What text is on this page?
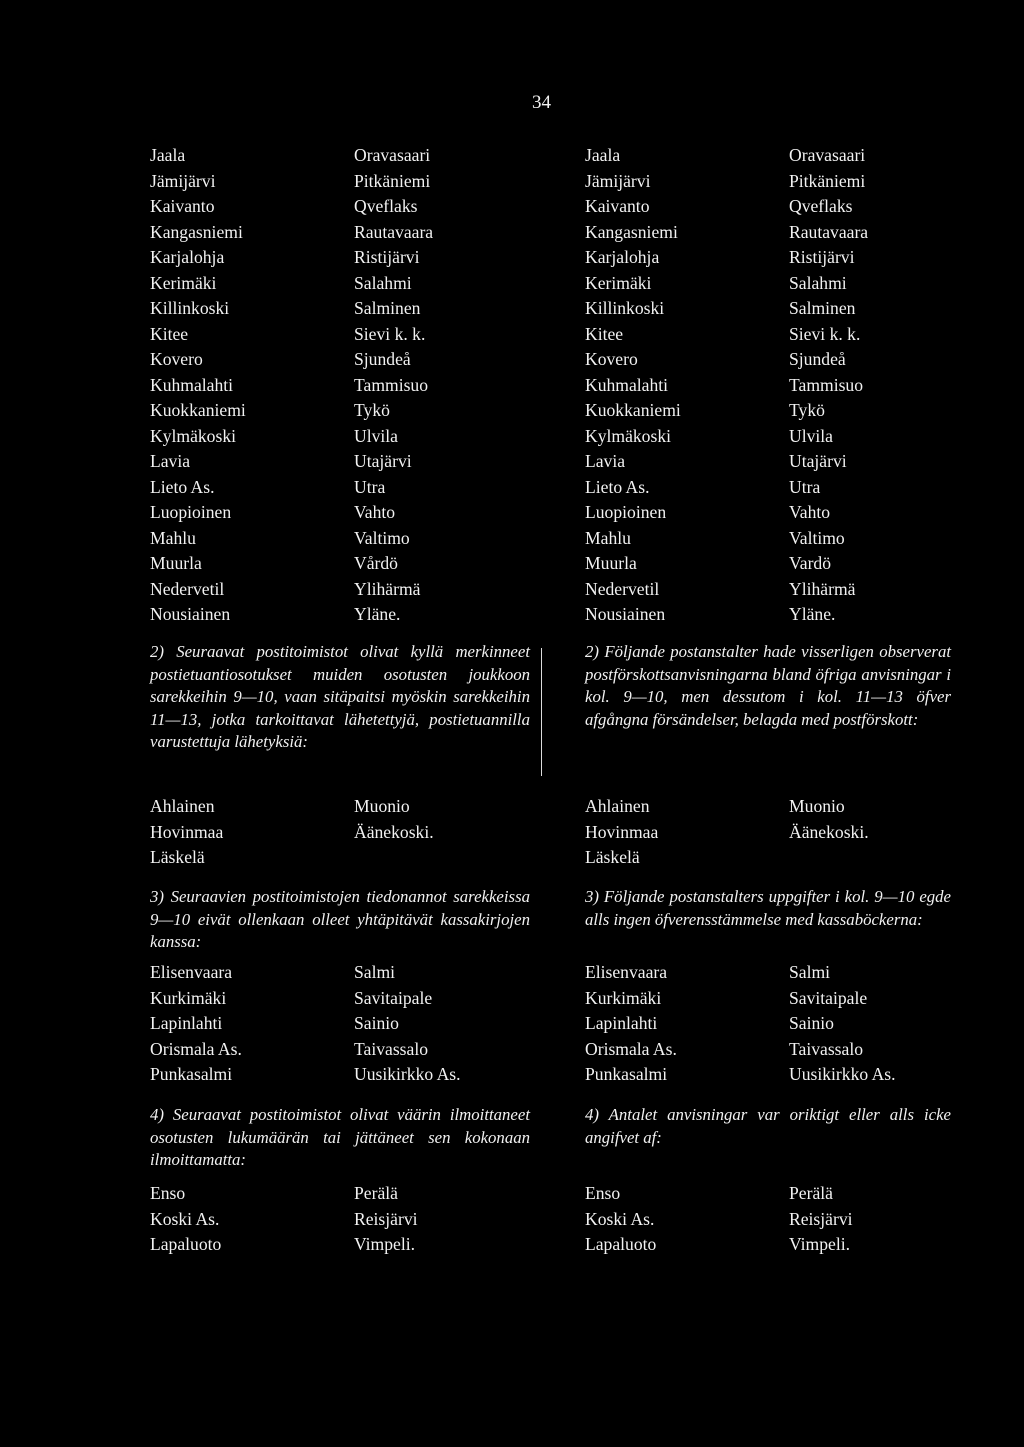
34
Jaala	Oravasaari
Jämijärvi	Pitkäniemi
Kaivanto	Qveflaks
Kangasniemi	Rautavaara
Karjalohja	Ristijärvi
Kerimäki	Salahmi
Killinkoski	Salminen
Kitee	Sievi k. k.
Kovero	Sjundeå
Kuhmalahti	Tammisuo
Kuokkaniemi	Tykö
Kylmäkoski	Ulvila
Lavia	Utajärvi
Lieto As.	Utra
Luopioinen	Vahto
Mahlu	Valtimo
Muurla	Vårdö
Nedervetil	Ylihärmä
Nousiainen	Yläne.
2) Seuraavat postitoimistot olivat kyllä merkinneet postietuantiosotukset muiden osotusten joukkoon sarekkeihin 9—10, vaan sitäpaitsi myöskin sarekkeihin 11—13, jotka tarkoittavat lähetettyjä, postietuannilla varustettuja lähetyksiä:
Ahlainen	Muonio
Hovinmaa	Äänekoski.
Läskelä
3) Seuraavien postitoimistojen tiedonannot sarekkeissa 9—10 eivät ollenkaan olleet yhtäpitävät kassakirjojen kanssa:
Elisenvaara	Salmi
Kurkimäki	Savitaipale
Lapinlahti	Sainio
Orismala As.	Taivassalo
Punkasalmi	Uusikirkko As.
4) Seuraavat postitoimistot olivat väärin ilmoittaneet osotusten lukumäärän tai jättäneet sen kokonaan ilmoittamatta:
Enso	Perälä
Koski As.	Reisjärvi
Lapaluoto	Vimpeli.
Jaala	Oravasaari
Jämijärvi	Pitkäniemi
Kaivanto	Qveflaks
Kangasniemi	Rautavaara
Karjalohja	Ristijärvi
Kerimäki	Salahmi
Killinkoski	Salminen
Kitee	Sievi k. k.
Kovero	Sjundeå
Kuhmalahti	Tammisuo
Kuokkaniemi	Tykö
Kylmäkoski	Ulvila
Lavia	Utajärvi
Lieto As.	Utra
Luopioinen	Vahto
Mahlu	Valtimo
Muurla	Vardö
Nedervetil	Ylihärmä
Nousiainen	Yläne.
2) Följande postanstalter hade visserligen observerat postförskottsanvisningarna bland öfriga anvisningar i kol. 9—10, men dessutom i kol. 11—13 öfver afgångna försändelser, belagda med postförskott:
Ahlainen	Muonio
Hovinmaa	Äänekoski.
Läskelä
3) Följande postanstalters uppgifter i kol. 9—10 egde alls ingen öfverensstämmelse med kassaböckerna:
Elisenvaara	Salmi
Kurkimäki	Savitaipale
Lapinlahti	Sainio
Orismala As.	Taivassalo
Punkasalmi	Uusikirkko As.
4) Antalet anvisningar var oriktigt eller alls icke angifvet af:
Enso	Perälä
Koski As.	Reisjärvi
Lapaluoto	Vimpeli.
